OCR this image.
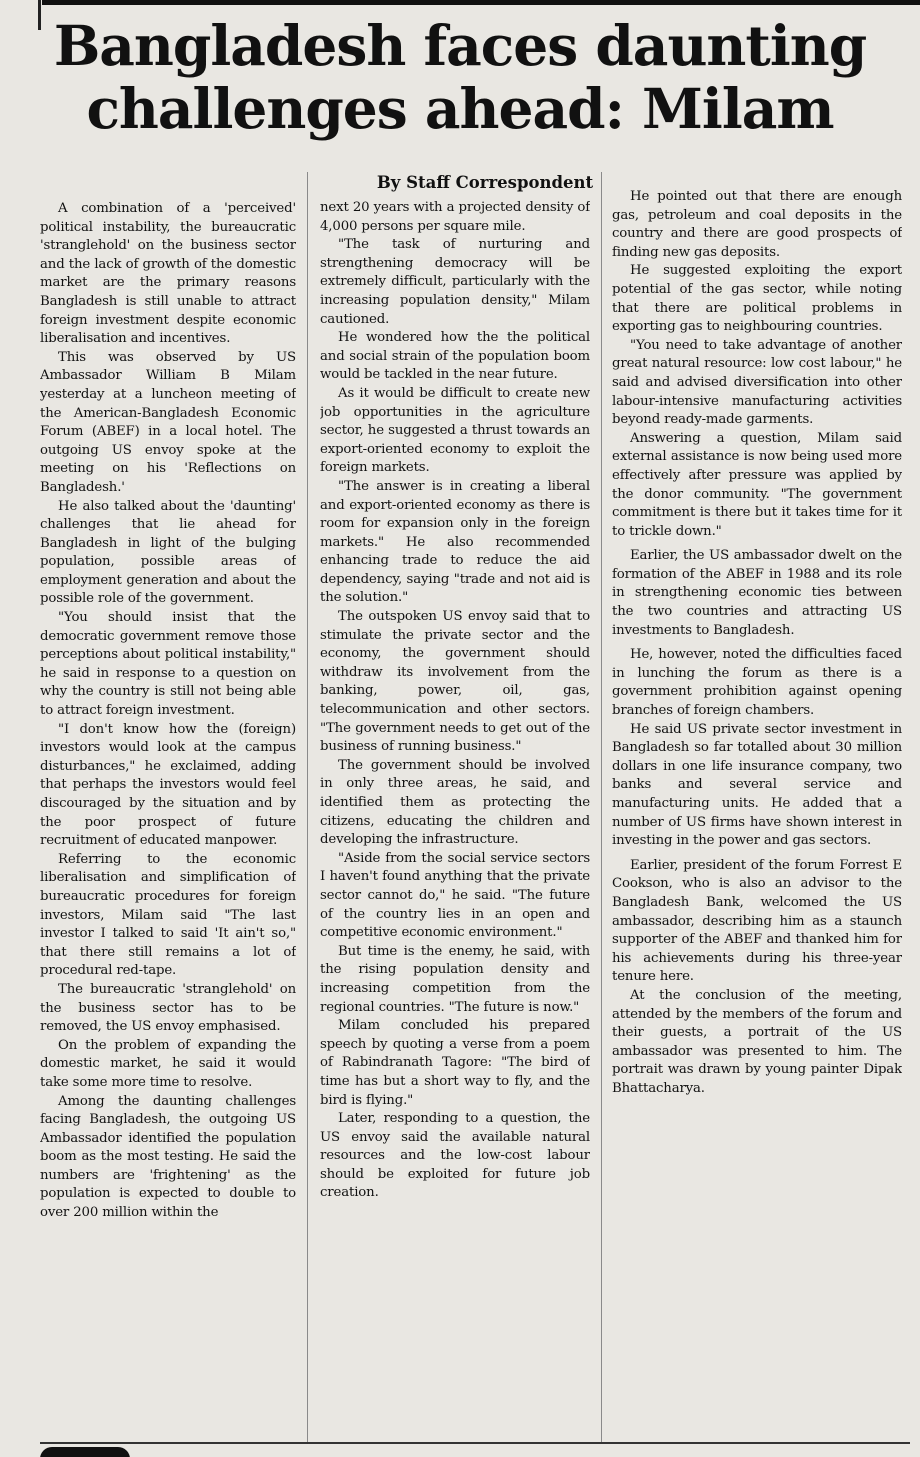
Bangladesh faces daunting challenges ahead: Milam
By Staff Correspondent

A combination of a 'perceived' political instability, the bureaucratic 'stranglehold' on the business sector and the lack of growth of the domestic market are the primary reasons Bangladesh is still unable to attract foreign investment despite economic liberalisation and incentives.

This was observed by US Ambassador William B Milam yesterday at a luncheon meeting of the American-Bangladesh Economic Forum (ABEF) in a local hotel. The outgoing US envoy spoke at the meeting on his 'Reflections on Bangladesh.'

He also talked about the 'daunting' challenges that lie ahead for Bangladesh in light of the bulging population, possible areas of employment generation and about the possible role of the government.

"You should insist that the democratic government remove those perceptions about political instability," he said in response to a question on why the country is still not being able to attract foreign investment.

"I don't know how the (foreign) investors would look at the campus disturbances," he exclaimed, adding that perhaps the investors would feel discouraged by the situation and by the poor prospect of future recruitment of educated manpower.

Referring to the economic liberalisation and simplification of bureaucratic procedures for foreign investors, Milam said "The last investor I talked to said 'It ain't so," that there still remains a lot of procedural red-tape.

The bureaucratic 'stranglehold' on the business sector has to be removed, the US envoy emphasised.

On the problem of expanding the domestic market, he said it would take some more time to resolve.

Among the daunting challenges facing Bangladesh, the outgoing US Ambassador identified the population boom as the most testing. He said the numbers are 'frightening' as the population is expected to double to over 200 million within the

next 20 years with a projected density of 4,000 persons per square mile.

"The task of nurturing and strengthening democracy will be extremely difficult, particularly with the increasing population density," Milam cautioned.

He wondered how the the political and social strain of the population boom would be tackled in the near future.

As it would be difficult to create new job opportunities in the agriculture sector, he suggested a thrust towards an export-oriented economy to exploit the foreign markets.

"The answer is in creating a liberal and export-oriented economy as there is room for expansion only in the foreign markets." He also recommended enhancing trade to reduce the aid dependency, saying "trade and not aid is the solution."

The outspoken US envoy said that to stimulate the private sector and the economy, the government should withdraw its involvement from the banking, power, oil, gas, telecommunication and other sectors. "The government needs to get out of the business of running business."

The government should be involved in only three areas, he said, and identified them as protecting the citizens, educating the children and developing the infrastructure.

"Aside from the social service sectors I haven't found anything that the private sector cannot do," he said. "The future of the country lies in an open and competitive economic environment."

But time is the enemy, he said, with the rising population density and increasing competition from the regional countries. "The future is now."

Milam concluded his prepared speech by quoting a verse from a poem of Rabindranath Tagore: "The bird of time has but a short way to fly, and the bird is flying."

Later, responding to a question, the US envoy said the available natural resources and the low-cost labour should be exploited for future job creation.

He pointed out that there are enough gas, petroleum and coal deposits in the country and there are good prospects of finding new gas deposits.

He suggested exploiting the export potential of the gas sector, while noting that there are political problems in exporting gas to neighbouring countries.

"You need to take advantage of another great natural resource: low cost labour," he said and advised diversification into other labour-intensive manufacturing activities beyond ready-made garments.

Answering a question, Milam said external assistance is now being used more effectively after pressure was applied by the donor community. "The government commitment is there but it takes time for it to trickle down."

Earlier, the US ambassador dwelt on the formation of the ABEF in 1988 and its role in strengthening economic ties between the two countries and attracting US investments to Bangladesh.

He, however, noted the difficulties faced in lunching the forum as there is a government prohibition against opening branches of foreign chambers.

He said US private sector investment in Bangladesh so far totalled about 30 million dollars in one life insurance company, two banks and several service and manufacturing units. He added that a number of US firms have shown interest in investing in the power and gas sectors.

Earlier, president of the forum Forrest E Cookson, who is also an advisor to the Bangladesh Bank, welcomed the US ambassador, describing him as a staunch supporter of the ABEF and thanked him for his achievements during his three-year tenure here.

At the conclusion of the meeting, attended by the members of the forum and their guests, a portrait of the US ambassador was presented to him. The portrait was drawn by young painter Dipak Bhattacharya.
